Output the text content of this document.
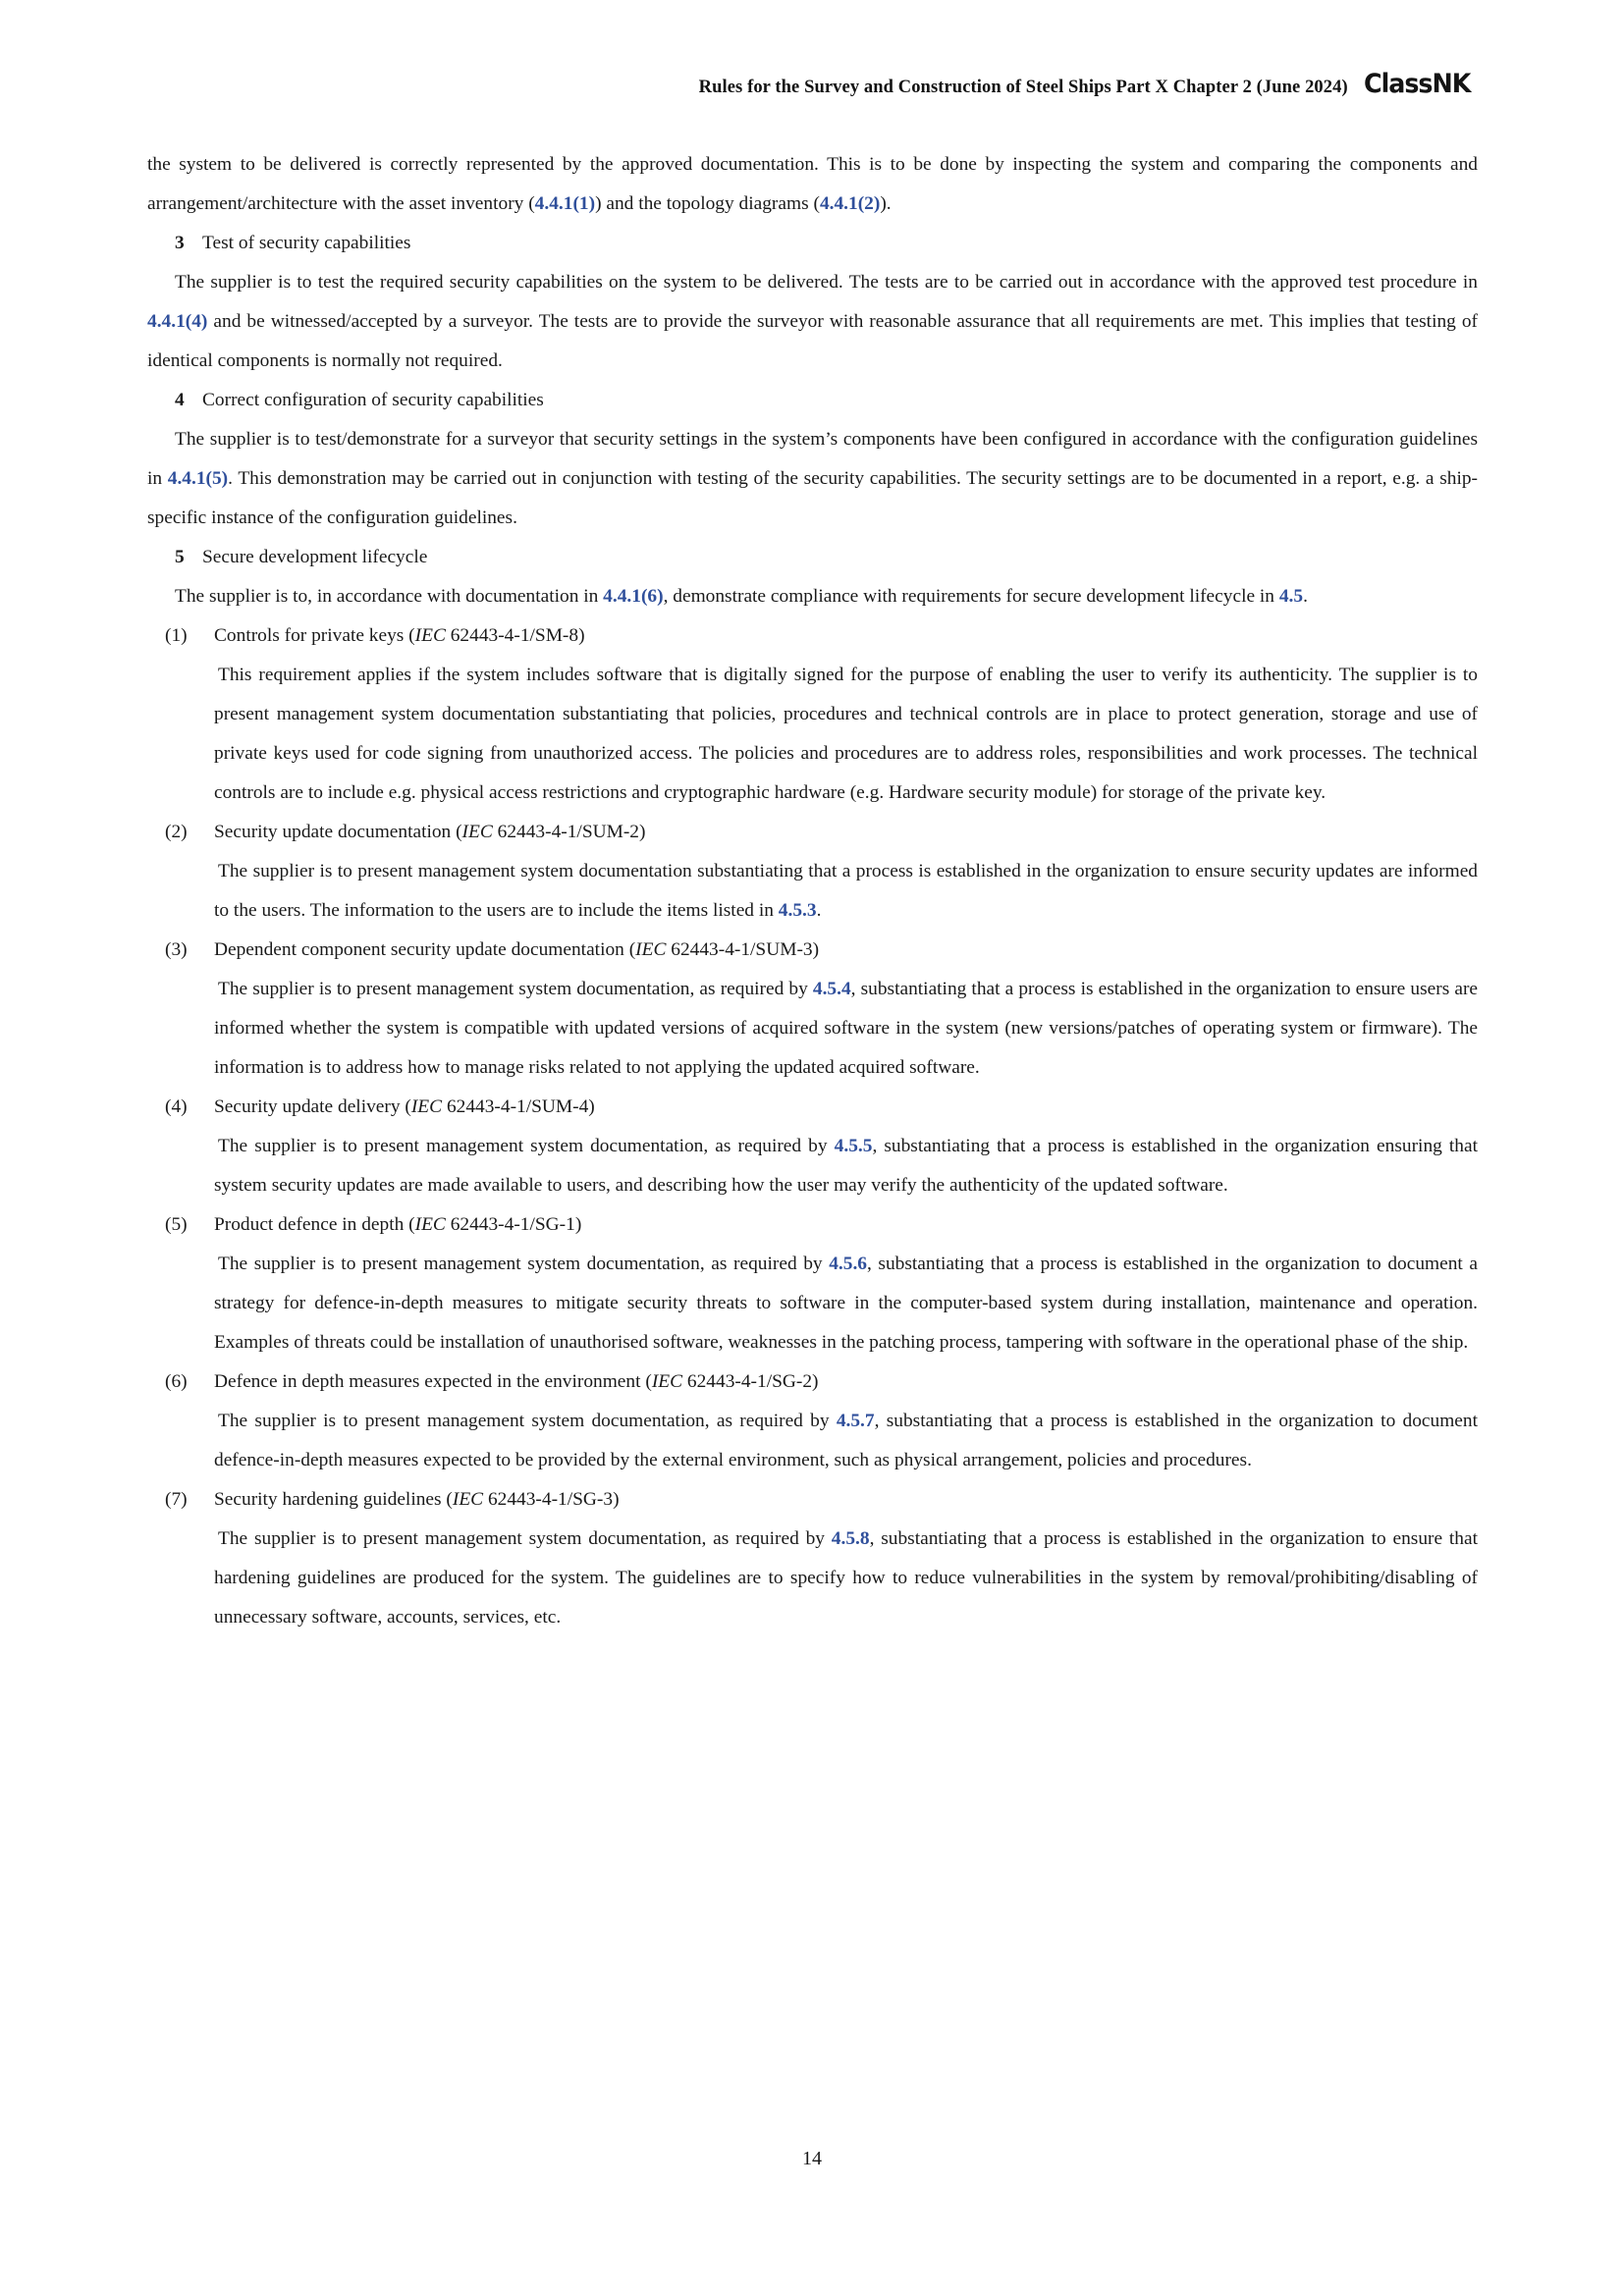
Rules for the Survey and Construction of Steel Ships Part X Chapter 2 (June 2024) ClassNK

the system to be delivered is correctly represented by the approved documentation. This is to be done by inspecting the system and comparing the components and arrangement/architecture with the asset inventory (4.4.1(1)) and the topology diagrams (4.4.1(2)).

3 Test of security capabilities

The supplier is to test the required security capabilities on the system to be delivered. The tests are to be carried out in accordance with the approved test procedure in 4.4.1(4) and be witnessed/accepted by a surveyor. The tests are to provide the surveyor with reasonable assurance that all requirements are met. This implies that testing of identical components is normally not required.

4 Correct configuration of security capabilities

The supplier is to test/demonstrate for a surveyor that security settings in the system’s components have been configured in accordance with the configuration guidelines in 4.4.1(5). This demonstration may be carried out in conjunction with testing of the security capabilities. The security settings are to be documented in a report, e.g. a ship-specific instance of the configuration guidelines.

5 Secure development lifecycle

The supplier is to, in accordance with documentation in 4.4.1(6), demonstrate compliance with requirements for secure development lifecycle in 4.5.

(1)	Controls for private keys (IEC 62443-4-1/SM-8)

This requirement applies if the system includes software that is digitally signed for the purpose of enabling the user to verify its authenticity. The supplier is to present management system documentation substantiating that policies, procedures and technical controls are in place to protect generation, storage and use of private keys used for code signing from unauthorized access. The policies and procedures are to address roles, responsibilities and work processes. The technical controls are to include e.g. physical access restrictions and cryptographic hardware (e.g. Hardware security module) for storage of the private key.

(2)	Security update documentation (IEC 62443-4-1/SUM-2)

The supplier is to present management system documentation substantiating that a process is established in the organization to ensure security updates are informed to the users. The information to the users are to include the items listed in 4.5.3.

(3)	Dependent component security update documentation (IEC 62443-4-1/SUM-3)

The supplier is to present management system documentation, as required by 4.5.4, substantiating that a process is established in the organization to ensure users are informed whether the system is compatible with updated versions of acquired software in the system (new versions/patches of operating system or firmware). The information is to address how to manage risks related to not applying the updated acquired software.

(4)	Security update delivery (IEC 62443-4-1/SUM-4)

The supplier is to present management system documentation, as required by 4.5.5, substantiating that a process is established in the organization ensuring that system security updates are made available to users, and describing how the user may verify the authenticity of the updated software.

(5)	Product defence in depth (IEC 62443-4-1/SG-1)

The supplier is to present management system documentation, as required by 4.5.6, substantiating that a process is established in the organization to document a strategy for defence-in-depth measures to mitigate security threats to software in the computer-based system during installation, maintenance and operation. Examples of threats could be installation of unauthorised software, weaknesses in the patching process, tampering with software in the operational phase of the ship.

(6)	Defence in depth measures expected in the environment (IEC 62443-4-1/SG-2)

The supplier is to present management system documentation, as required by 4.5.7, substantiating that a process is established in the organization to document defence-in-depth measures expected to be provided by the external environment, such as physical arrangement, policies and procedures.

(7)	Security hardening guidelines (IEC 62443-4-1/SG-3)

The supplier is to present management system documentation, as required by 4.5.8, substantiating that a process is established in the organization to ensure that hardening guidelines are produced for the system. The guidelines are to specify how to reduce vulnerabilities in the system by removal/prohibiting/disabling of unnecessary software, accounts, services, etc.

14
